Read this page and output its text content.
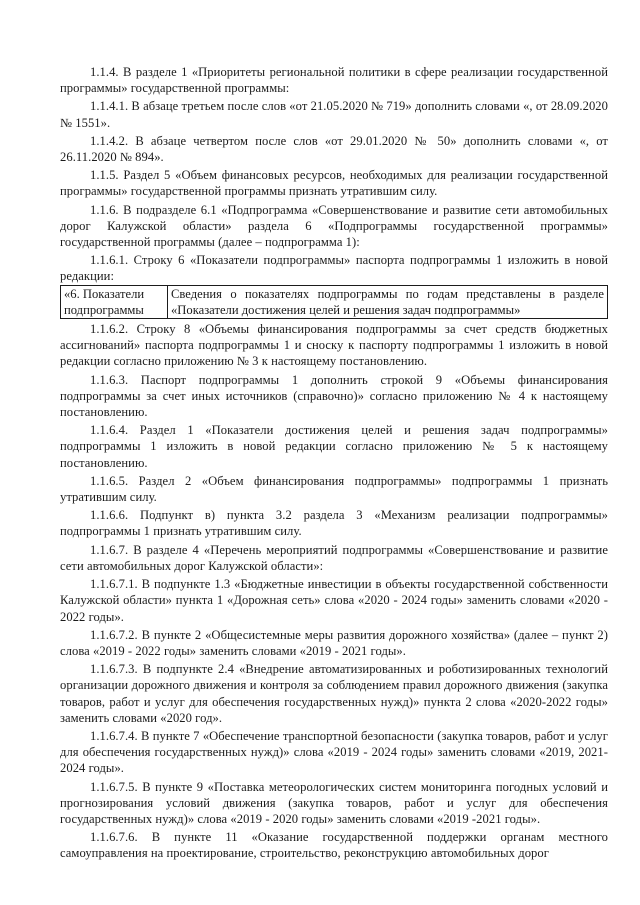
1.1.4. В разделе 1 «Приоритеты региональной политики в сфере реализации государственной программы» государственной программы:

1.1.4.1. В абзаце третьем после слов «от 21.05.2020 № 719» дополнить словами «, от 28.09.2020 № 1551».

1.1.4.2. В абзаце четвертом после слов «от 29.01.2020 № 50» дополнить словами «, от 26.11.2020 № 894».

1.1.5. Раздел 5 «Объем финансовых ресурсов, необходимых для реализации государственной программы» государственной программы признать утратившим силу.

1.1.6. В подразделе 6.1 «Подпрограмма «Совершенствование и развитие сети автомобильных дорог Калужской области» раздела 6 «Подпрограммы государственной программы» государственной программы (далее – подпрограмма 1):

1.1.6.1. Строку 6 «Показатели подпрограммы» паспорта подпрограммы 1 изложить в новой редакции:

«6. Показатели подпрограммы	Сведения о показателях подпрограммы по годам представлены в разделе «Показатели достижения целей и решения задач подпрограммы»

1.1.6.2. Строку 8 «Объемы финансирования подпрограммы за счет средств бюджетных ассигнований» паспорта подпрограммы 1 и сноску к паспорту подпрограммы 1 изложить в новой редакции согласно приложению № 3 к настоящему постановлению.

1.1.6.3. Паспорт подпрограммы 1 дополнить строкой 9 «Объемы финансирования подпрограммы за счет иных источников (справочно)» согласно приложению № 4 к настоящему постановлению.

1.1.6.4. Раздел 1 «Показатели достижения целей и решения задач подпрограммы» подпрограммы 1 изложить в новой редакции согласно приложению № 5 к настоящему постановлению.

1.1.6.5. Раздел 2 «Объем финансирования подпрограммы» подпрограммы 1 признать утратившим силу.

1.1.6.6. Подпункт в) пункта 3.2 раздела 3 «Механизм реализации подпрограммы» подпрограммы 1 признать утратившим силу.

1.1.6.7. В разделе 4 «Перечень мероприятий подпрограммы «Совершенствование и развитие сети автомобильных дорог Калужской области»:

1.1.6.7.1. В подпункте 1.3 «Бюджетные инвестиции в объекты государственной собственности Калужской области» пункта 1 «Дорожная сеть» слова «2020 - 2024 годы» заменить словами «2020 - 2022 годы».

1.1.6.7.2. В пункте 2 «Общесистемные меры развития дорожного хозяйства» (далее – пункт 2) слова «2019 - 2022 годы» заменить словами «2019 - 2021 годы».

1.1.6.7.3. В подпункте 2.4 «Внедрение автоматизированных и роботизированных технологий организации дорожного движения и контроля за соблюдением правил дорожного движения (закупка товаров, работ и услуг для обеспечения государственных нужд)» пункта 2 слова «2020-2022 годы» заменить словами «2020 год».

1.1.6.7.4. В пункте 7 «Обеспечение транспортной безопасности (закупка товаров, работ и услуг для обеспечения государственных нужд)» слова «2019 - 2024 годы» заменить словами «2019, 2021-2024 годы».

1.1.6.7.5. В пункте 9 «Поставка метеорологических систем мониторинга погодных условий и прогнозирования условий движения (закупка товаров, работ и услуг для обеспечения государственных нужд)» слова «2019 - 2020 годы» заменить словами «2019 -2021 годы».

1.1.6.7.6. В пункте 11 «Оказание государственной поддержки органам местного самоуправления на проектирование, строительство, реконструкцию автомобильных дорог
